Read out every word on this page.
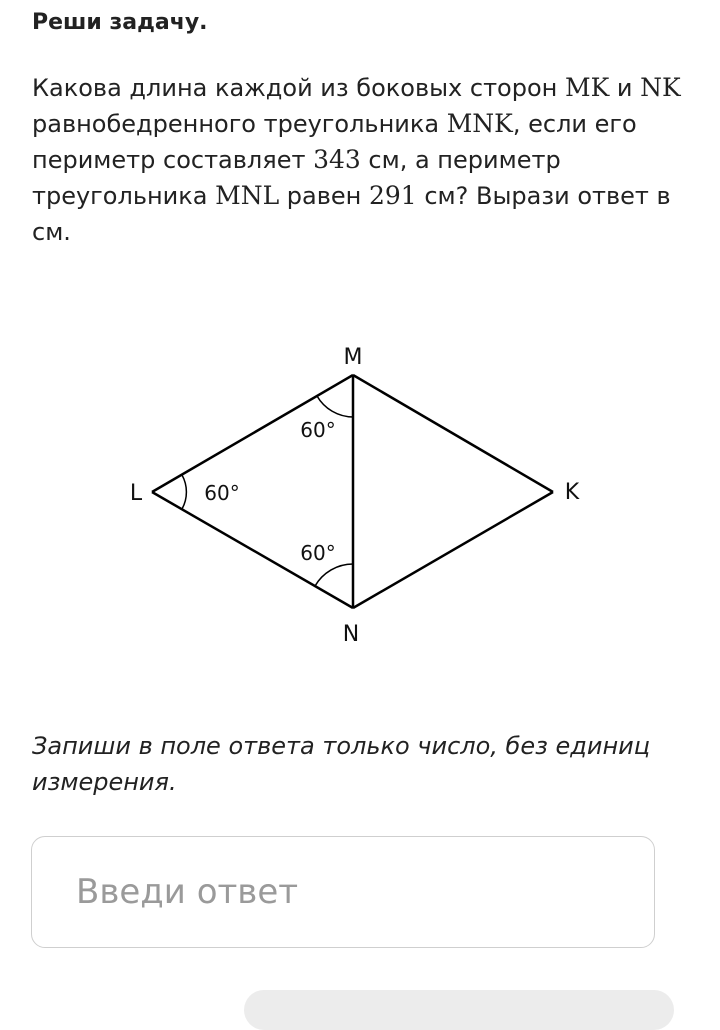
Реши задачу.

Какова длина каждой из боковых сторон MK и NK равнобедренного треугольника MNK, если его периметр составляет 343 см, а периметр треугольника MNL равен 291 см? Вырази ответ в см.

M
L	K
N
60°
60°
60°

Запиши в поле ответа только число, без единиц измерения.

Введи ответ
